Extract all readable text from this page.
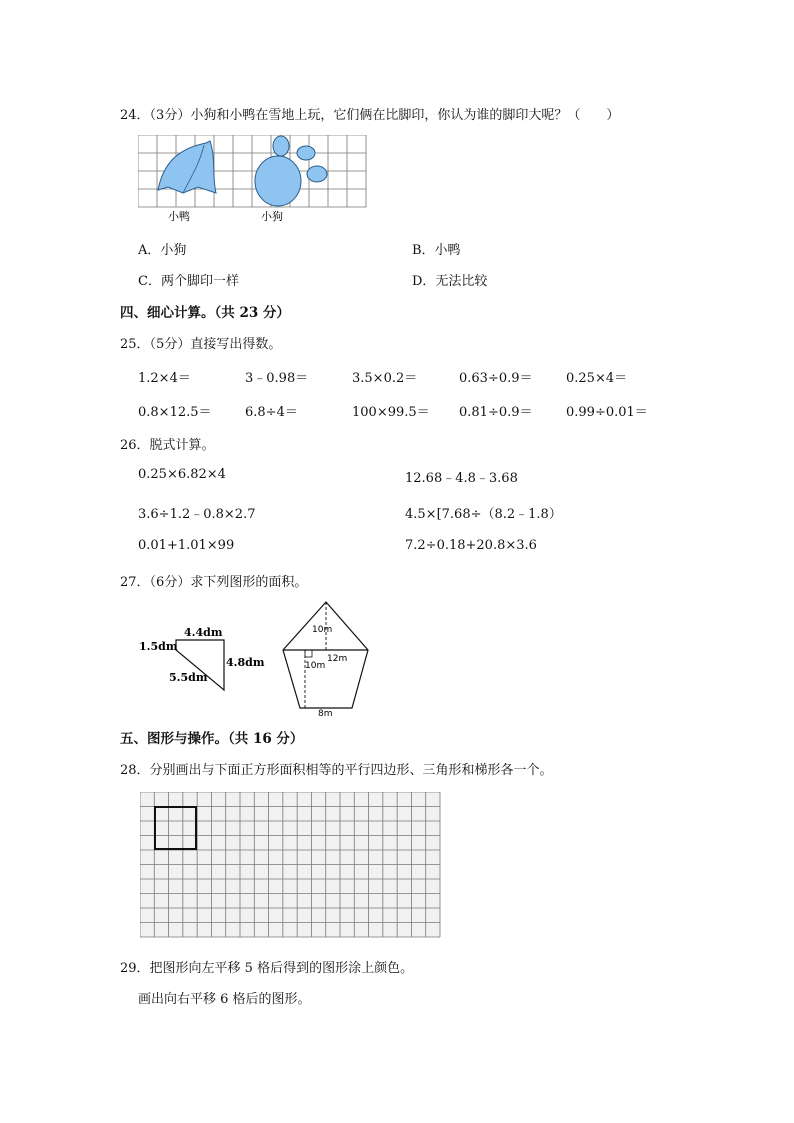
24．（3分）小狗和小鸭在雪地上玩，它们俩在比脚印，你认为谁的脚印大呢？（　　）
小鸭	小狗
A．小狗	B．小鸭
C．两个脚印一样	D．无法比较
四、细心计算。（共 23 分）
25．（5分）直接写出得数。
1.2×4＝	3﹣0.98＝	3.5×0.2＝	0.63÷0.9＝	0.25×4＝
0.8×12.5＝	6.8÷4＝	100×99.5＝ 0.81÷0.9＝	0.99÷0.01＝
26．脱式计算。
0.25×6.82×4	12.68﹣4.8﹣3.68
3.6÷1.2﹣0.8×2.7	4.5×[7.68÷（8.2﹣1.8）
0.01+1.01×99	7.2÷0.18+20.8×3.6
27．（6分）求下列图形的面积。
4.4dm
1.5dm
4.8dm
5.5dm
10m
12m
10m
8m
五、图形与操作。（共 16 分）
28．分别画出与下面正方形面积相等的平行四边形、三角形和梯形各一个。
29．把图形向左平移 5 格后得到的图形涂上颜色。
画出向右平移 6 格后的图形。
